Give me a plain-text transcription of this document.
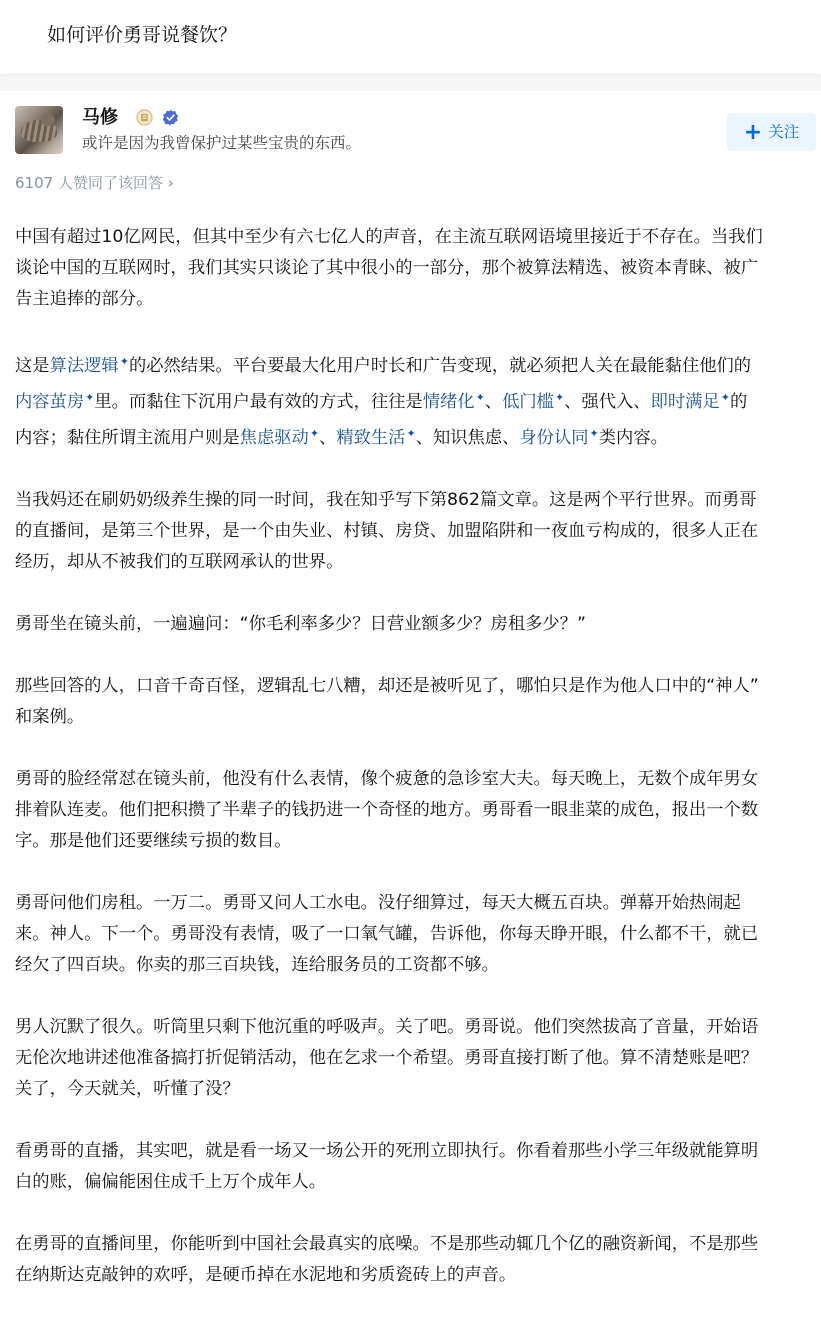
如何评价勇哥说餐饮？
马修

或许是因为我曾保护过某些宝贵的东西。	+ 关注
6107 人赞同了该回答 ›

中国有超过10亿网民，但其中至少有六七亿人的声音，在主流互联网语境里接近于不存在。当我们
谈论中国的互联网时，我们其实只谈论了其中很小的一部分，那个被算法精选、被资本青睐、被广
告主追捧的部分。

这是算法逻辑✦的必然结果。平台要最大化用户时长和广告变现，就必须把人关在最能黏住他们的
内容茧房✦里。而黏住下沉用户最有效的方式，往往是情绪化✦、低门槛✦、强代入、即时满足✦的
内容；黏住所谓主流用户则是焦虑驱动✦、精致生活✦、知识焦虑、身份认同✦类内容。

当我妈还在刷奶奶级养生操的同一时间，我在知乎写下第862篇文章。这是两个平行世界。而勇哥
的直播间，是第三个世界，是一个由失业、村镇、房贷、加盟陷阱和一夜血亏构成的，很多人正在
经历，却从不被我们的互联网承认的世界。

勇哥坐在镜头前，一遍遍问：“你毛利率多少？日营业额多少？房租多少？”

那些回答的人，口音千奇百怪，逻辑乱七八糟，却还是被听见了，哪怕只是作为他人口中的“神人”
和案例。

勇哥的脸经常怼在镜头前，他没有什么表情，像个疲惫的急诊室大夫。每天晚上，无数个成年男女
排着队连麦。他们把积攒了半辈子的钱扔进一个奇怪的地方。勇哥看一眼韭菜的成色，报出一个数
字。那是他们还要继续亏损的数目。

勇哥问他们房租。一万二。勇哥又问人工水电。没仔细算过，每天大概五百块。弹幕开始热闹起
来。神人。下一个。勇哥没有表情，吸了一口氧气罐，告诉他，你每天睁开眼，什么都不干，就已
经欠了四百块。你卖的那三百块钱，连给服务员的工资都不够。

男人沉默了很久。听筒里只剩下他沉重的呼吸声。关了吧。勇哥说。他们突然拔高了音量，开始语
无伦次地讲述他准备搞打折促销活动，他在乞求一个希望。勇哥直接打断了他。算不清楚账是吧？
关了，今天就关，听懂了没？

看勇哥的直播，其实吧，就是看一场又一场公开的死刑立即执行。你看着那些小学三年级就能算明
白的账，偏偏能困住成千上万个成年人。

在勇哥的直播间里，你能听到中国社会最真实的底噪。不是那些动辄几个亿的融资新闻，不是那些
在纳斯达克敲钟的欢呼，是硬币掉在水泥地和劣质瓷砖上的声音。
